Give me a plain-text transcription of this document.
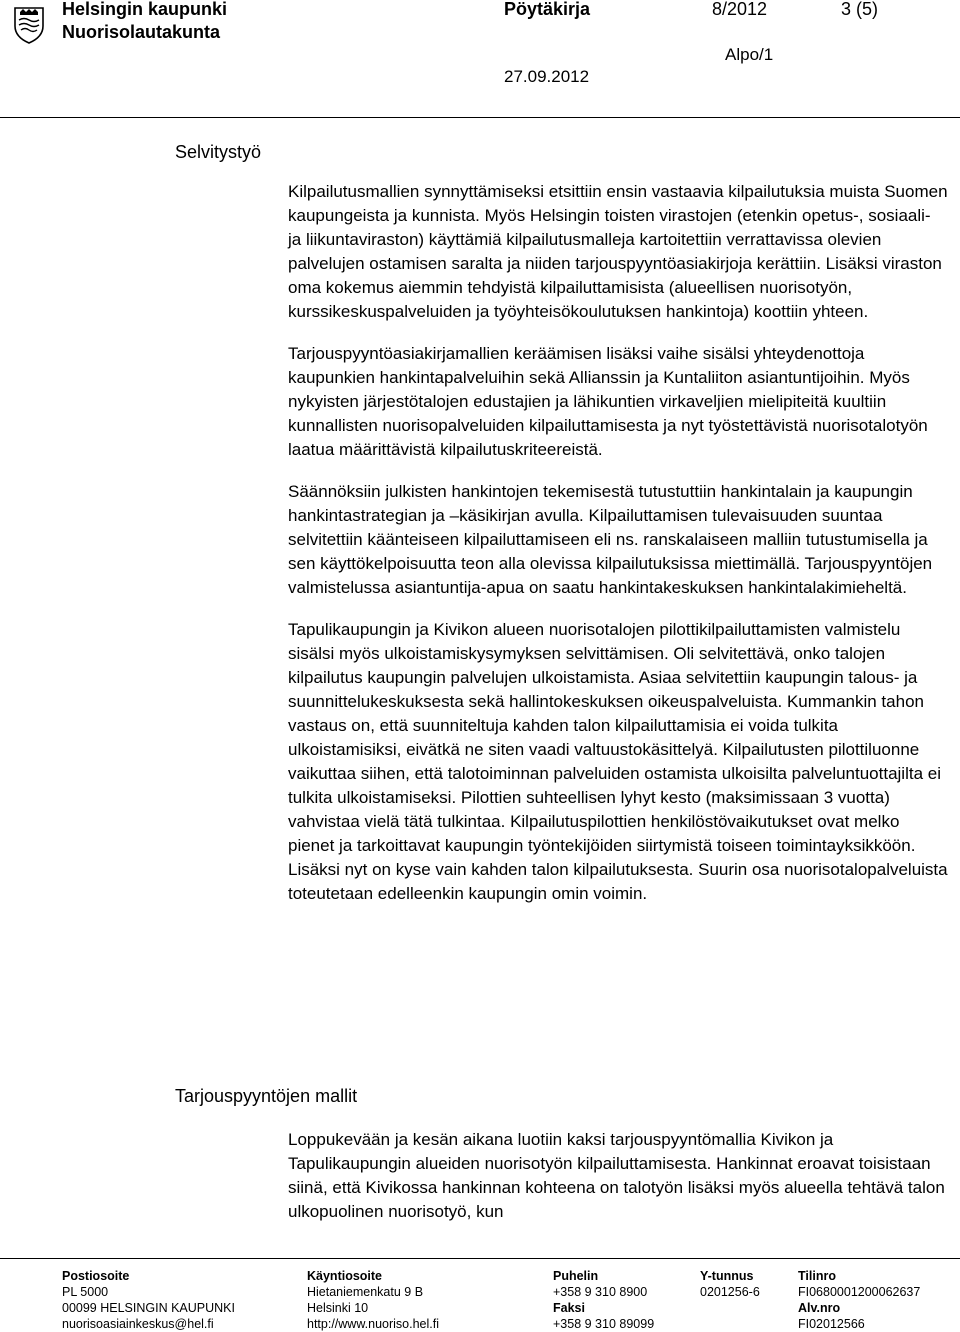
Helsingin kaupunki
Nuorisolautakunta
Pöytäkirja	8/2012	3 (5)
Alpo/1
27.09.2012
Selvitystyö
Tarjouspyyntöjen mallit

Kilpailutusmallien synnyttämiseksi etsittiin ensin vastaavia kilpailutuksia muista Suomen kaupungeista ja kunnista. Myös Helsingin toisten virastojen (etenkin opetus-, sosiaali- ja liikuntaviraston) käyttämiä kilpailutusmalleja kartoitettiin verrattavissa olevien palvelujen ostamisen saralta ja niiden tarjouspyyntöasiakirjoja kerättiin. Lisäksi viraston oma kokemus aiemmin tehdyistä kilpailuttamisista (alueellisen nuorisotyön, kurssikeskuspalveluiden ja työyhteisökoulutuksen hankintoja) koottiin yhteen.

Tarjouspyyntöasiakirjamallien keräämisen lisäksi vaihe sisälsi yhteydenottoja kaupunkien hankintapalveluihin sekä Allianssin ja Kuntaliiton asiantuntijoihin. Myös nykyisten järjestötalojen edustajien ja lähikuntien virkaveljien mielipiteitä kuultiin kunnallisten nuorisopalveluiden kilpailuttamisesta ja nyt työstettävistä nuorisotalotyön laatua määrittävistä kilpailutuskriteereistä.

Säännöksiin julkisten hankintojen tekemisestä tutustuttiin hankintalain ja kaupungin hankintastrategian ja –käsikirjan avulla. Kilpailuttamisen tulevaisuuden suuntaa selvitettiin käänteiseen kilpailuttamiseen eli ns. ranskalaiseen malliin tutustumisella ja sen käyttökelpoisuutta teon alla olevissa kilpailutuksissa miettimällä. Tarjouspyyntöjen valmistelussa asiantuntija-apua on saatu hankintakeskuksen hankintalakimieheltä.

Tapulikaupungin ja Kivikon alueen nuorisotalojen pilottikilpailuttamisten valmistelu sisälsi myös ulkoistamiskysymyksen selvittämisen. Oli selvitettävä, onko talojen kilpailutus kaupungin palvelujen ulkoistamista. Asiaa selvitettiin kaupungin talous- ja suunnittelukeskuksesta sekä hallintokeskuksen oikeuspalveluista. Kummankin tahon vastaus on, että suunniteltuja kahden talon kilpailuttamisia ei voida tulkita ulkoistamisiksi, eivätkä ne siten vaadi valtuustokäsittelyä. Kilpailutusten pilottiluonne vaikuttaa siihen, että talotoiminnan palveluiden ostamista ulkoisilta palveluntuottajilta ei tulkita ulkoistamiseksi. Pilottien suhteellisen lyhyt kesto (maksimissaan 3 vuotta) vahvistaa vielä tätä tulkintaa. Kilpailutuspilottien henkilöstövaikutukset ovat melko pienet ja tarkoittavat kaupungin työntekijöiden siirtymistä toiseen toimintayksikköön. Lisäksi nyt on kyse vain kahden talon kilpailutuksesta. Suurin osa nuorisotalopalveluista toteutetaan edelleenkin kaupungin omin voimin.

Loppukevään ja kesän aikana luotiin kaksi tarjouspyyntömallia Kivikon ja Tapulikaupungin alueiden nuorisotyön kilpailuttamisesta. Hankinnat eroavat toisistaan siinä, että Kivikossa hankinnan kohteena on talotyön lisäksi myös alueella tehtävä talon ulkopuolinen nuorisotyö, kun

Postiosoite
PL 5000
00099 HELSINGIN KAUPUNKI
nuorisoasiainkeskus@hel.fi
Käyntiosoite
Hietaniemenkatu 9 B
Helsinki 10
http://www.nuoriso.hel.fi
Puhelin
+358 9 310 8900
Faksi
+358 9 310 89099
Y-tunnus
0201256-6
Tilinro
FI0680001200062637
Alv.nro
FI02012566
